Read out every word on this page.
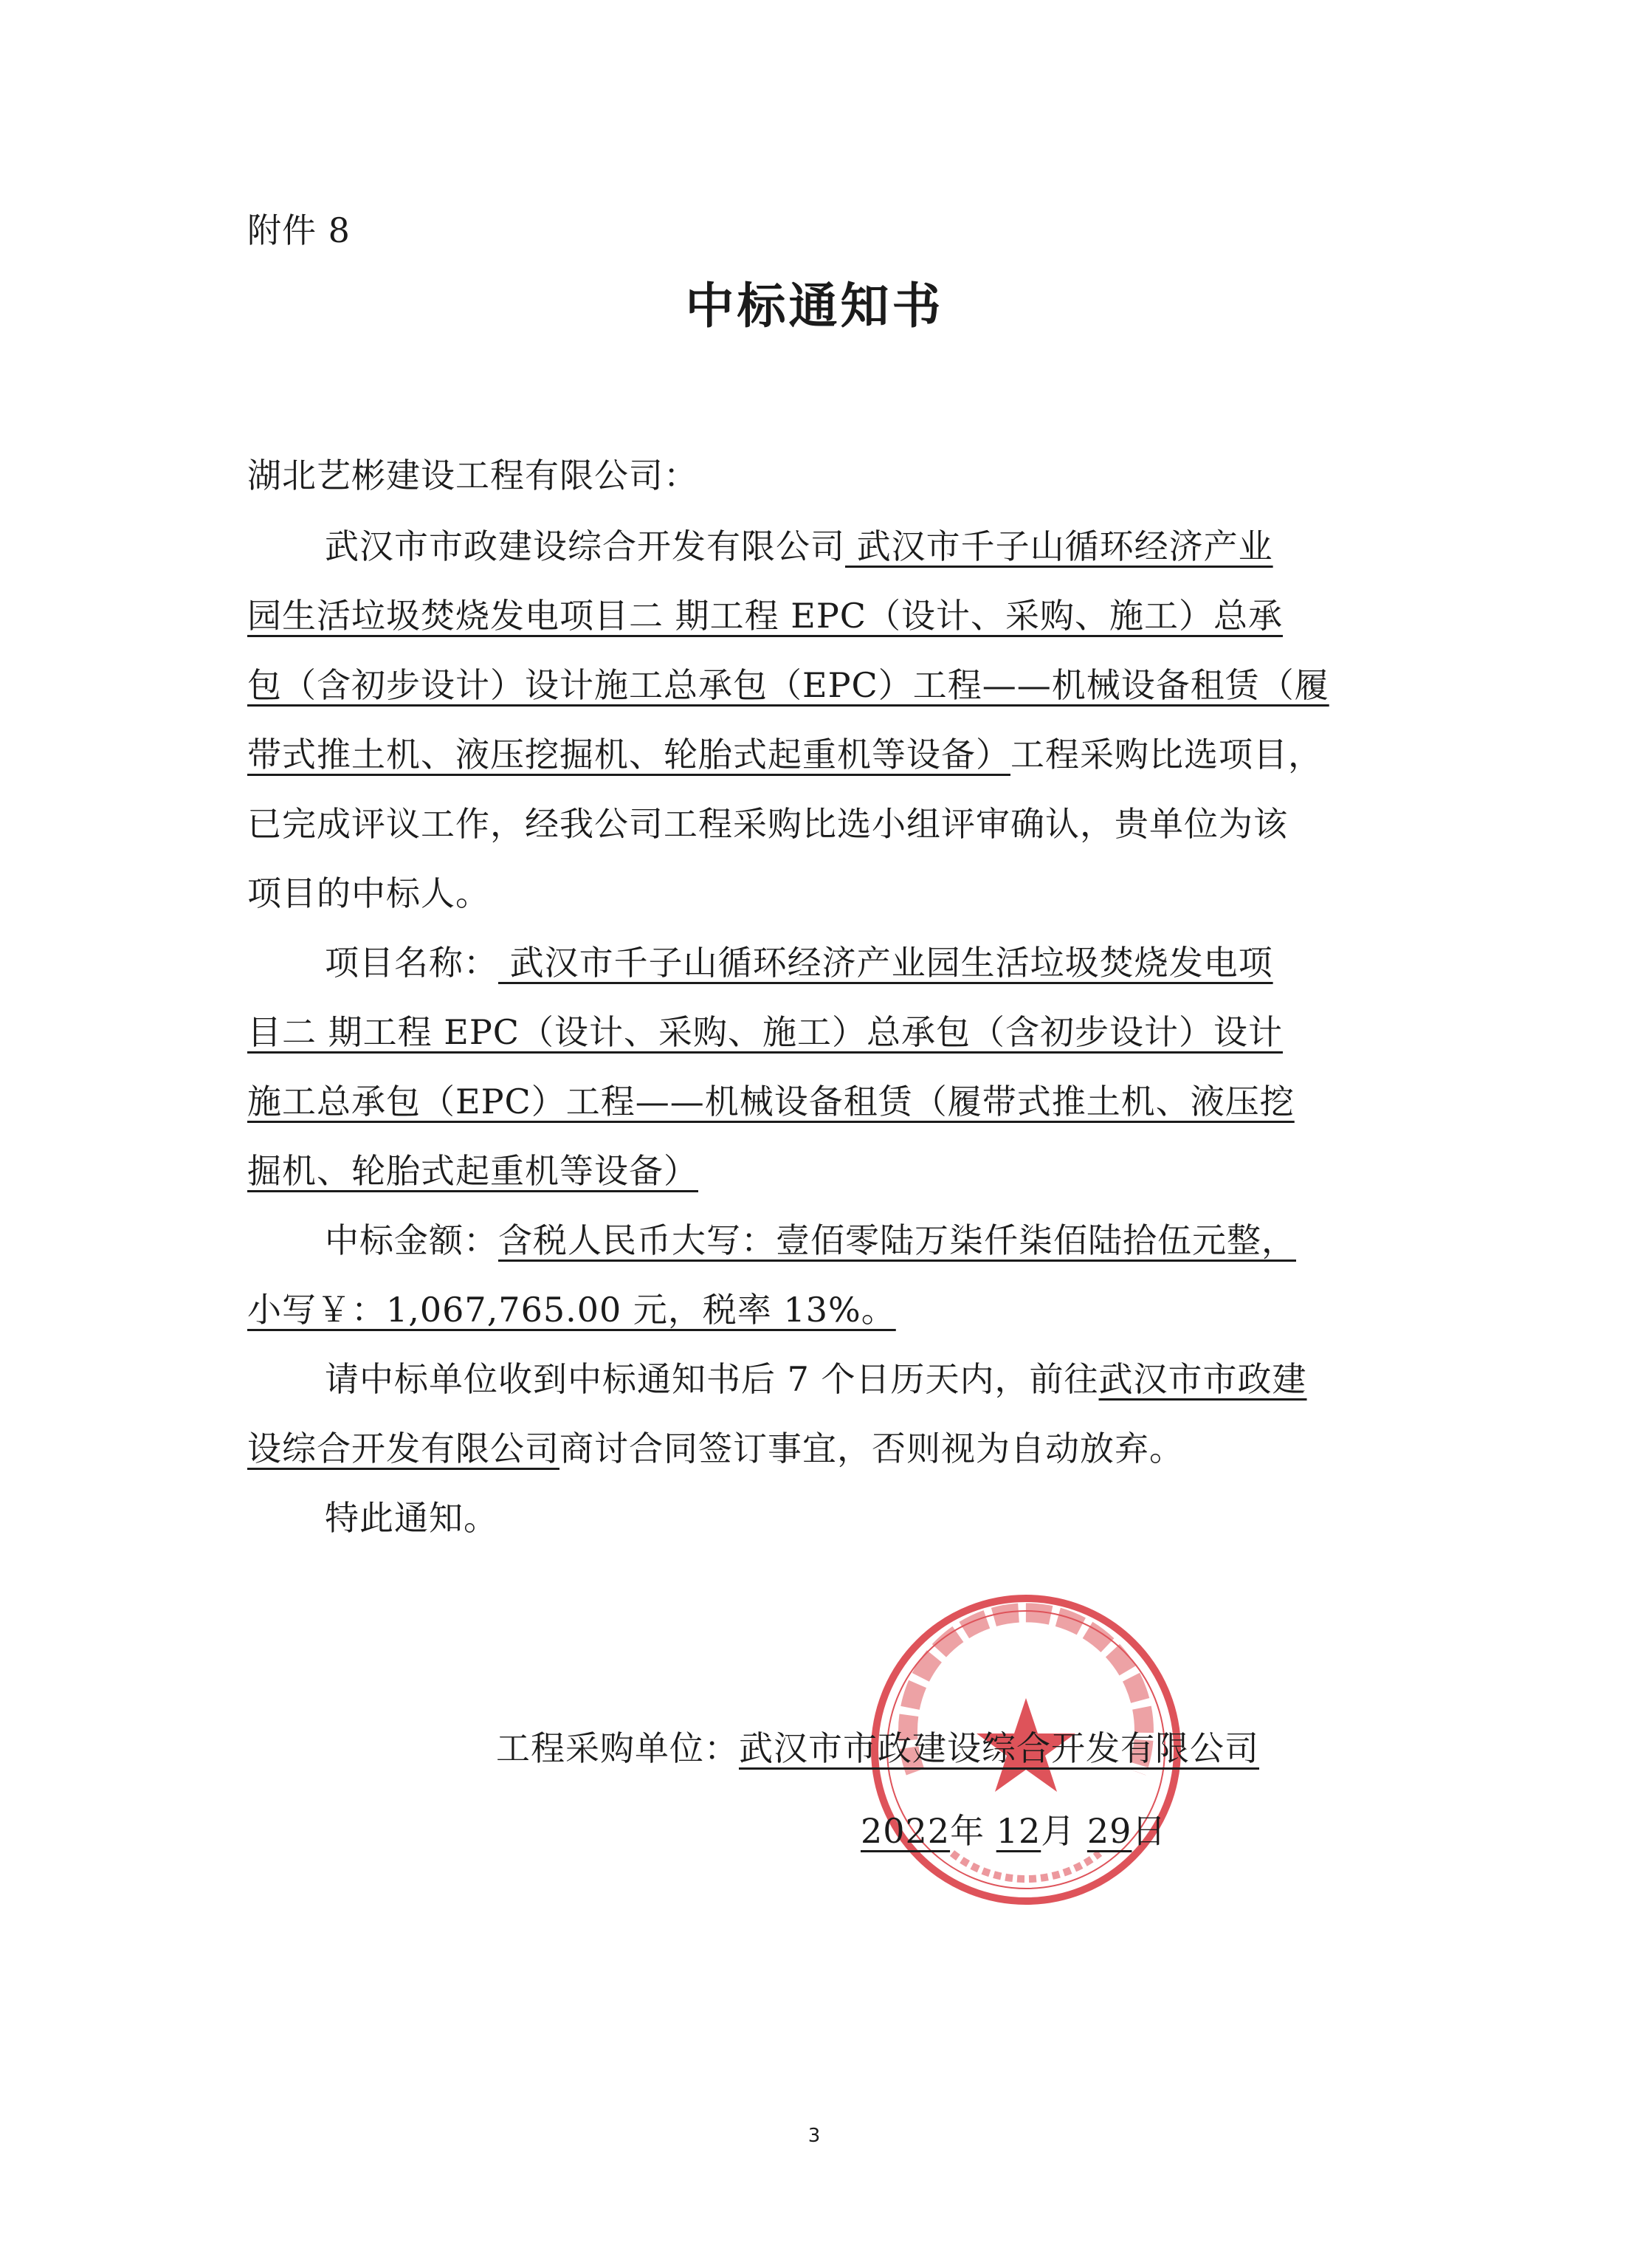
附件 8
中标通知书
湖北艺彬建设工程有限公司：
武汉市市政建设综合开发有限公司 武汉市千子山循环经济产业
园生活垃圾焚烧发电项目二 期工程 EPC（设计、采购、施工）总承
包（含初步设计）设计施工总承包（EPC）工程——机械设备租赁（履
带式推土机、液压挖掘机、轮胎式起重机等设备）工程采购比选项目，
已完成评议工作，经我公司工程采购比选小组评审确认，贵单位为该
项目的中标人。
项目名称： 武汉市千子山循环经济产业园生活垃圾焚烧发电项
目二 期工程 EPC（设计、采购、施工）总承包（含初步设计）设计
施工总承包（EPC）工程——机械设备租赁（履带式推土机、液压挖
掘机、轮胎式起重机等设备）
中标金额：含税人民币大写：壹佰零陆万柒仟柒佰陆拾伍元整，
小写￥：1,067,765.00 元，税率 13%。
请中标单位收到中标通知书后 7 个日历天内，前往武汉市市政建
设综合开发有限公司商讨合同签订事宜，否则视为自动放弃。
特此通知。
工程采购单位：武汉市市政建设综合开发有限公司
2022年 12月 29日
3
